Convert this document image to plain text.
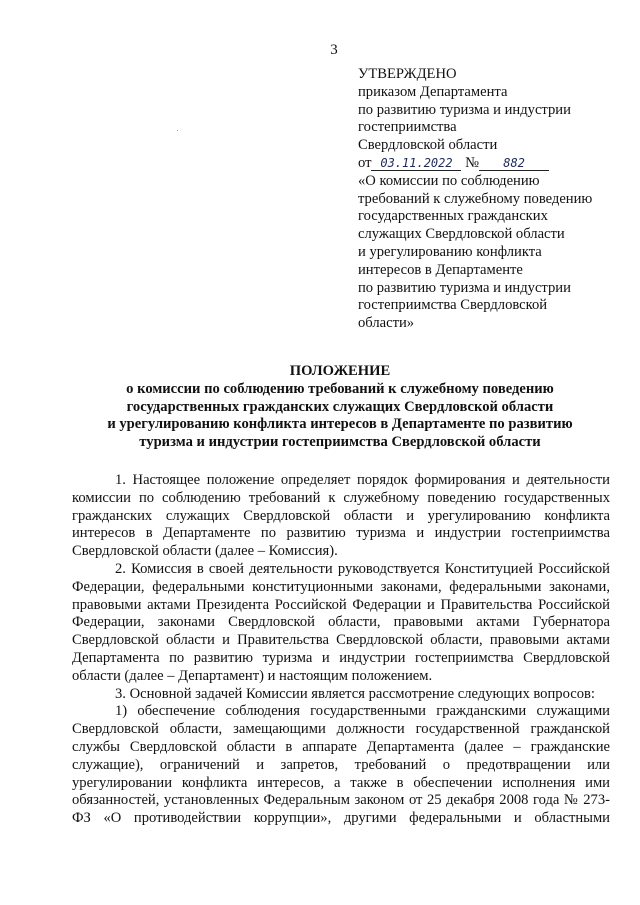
3
УТВЕРЖДЕНО
приказом Департамента
по развитию туризма и индустрии
гостеприимства
Свердловской области
от 03.11.2022 № 882
«О комиссии по соблюдению
требований к служебному поведению
государственных гражданских
служащих Свердловской области
и урегулированию конфликта
интересов в Департаменте
по развитию туризма и индустрии
гостеприимства Свердловской
области»
ПОЛОЖЕНИЕ
о комиссии по соблюдению требований к служебному поведению
государственных гражданских служащих Свердловской области
и урегулированию конфликта интересов в Департаменте по развитию
туризма и индустрии гостеприимства Свердловской области

1. Настоящее положение определяет порядок формирования и деятельности комиссии по соблюдению требований к служебному поведению государственных гражданских служащих Свердловской области и урегулированию конфликта интересов в Департаменте по развитию туризма и индустрии гостеприимства Свердловской области (далее – Комиссия).

2. Комиссия в своей деятельности руководствуется Конституцией Российской Федерации, федеральными конституционными законами, федеральными законами, правовыми актами Президента Российской Федерации и Правительства Российской Федерации, законами Свердловской области, правовыми актами Губернатора Свердловской области и Правительства Свердловской области, правовыми актами Департамента по развитию туризма и индустрии гостеприимства Свердловской области (далее – Департамент) и настоящим положением.

3. Основной задачей Комиссии является рассмотрение следующих вопросов:

1) обеспечение соблюдения государственными гражданскими служащими Свердловской области, замещающими должности государственной гражданской службы Свердловской области в аппарате Департамента (далее – гражданские служащие), ограничений и запретов, требований о предотвращении или урегулировании конфликта интересов, а также в обеспечении исполнения ими обязанностей, установленных Федеральным законом от 25 декабря 2008 года № 273-ФЗ «О противодействии коррупции», другими федеральными и областными
